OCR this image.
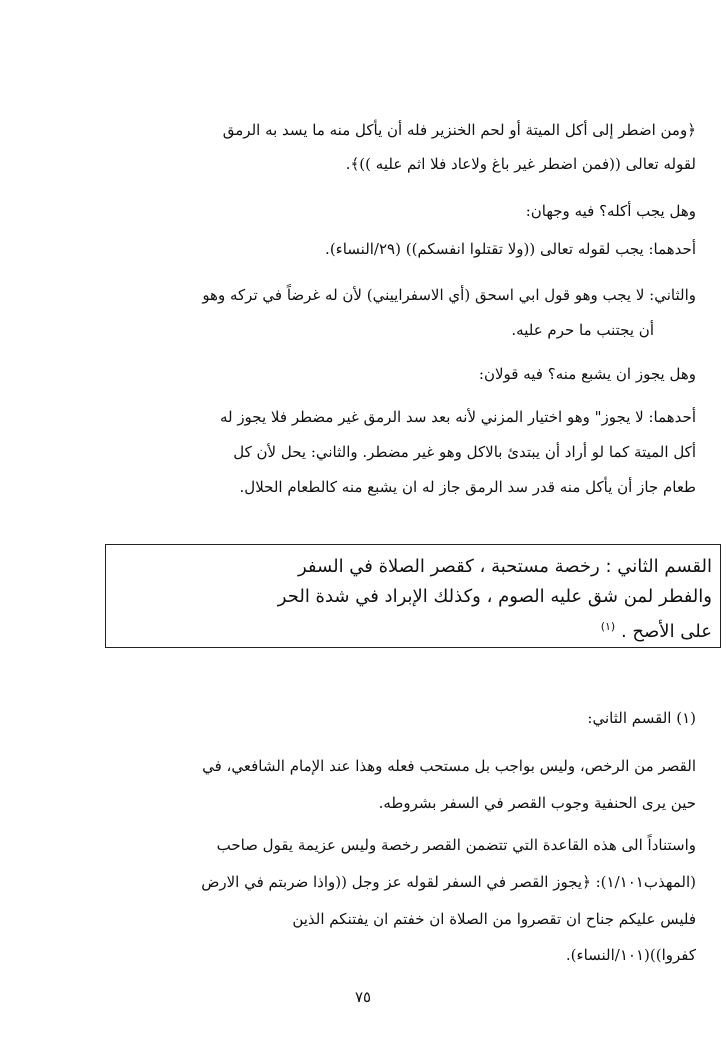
﴿ومن اضطر إلى أكل الميتة أو لحم الخنزير فله أن يأكل منه ما يسد به الرمق
لقوله تعالى ((فمن اضطر غير باغ ولاعاد فلا اثم عليه ))﴾.
وهل يجب أكله؟ فيه وجهان:
أحدهما: يجب لقوله تعالى ((ولا تقتلوا انفسكم)) (٢٩/النساء).
والثاني: لا يجب وهو قول ابي اسحق (أي الاسفراييني) لأن له غرضاً في تركه وهو
أن يجتنب ما حرم عليه.
وهل يجوز ان يشبع منه؟ فيه قولان:
أحدهما: لا يجوز" وهو اختيار المزني لأنه بعد سد الرمق غير مضطر فلا يجوز له
أكل الميتة كما لو أراد أن يبتدئ بالاكل وهو غير مضطر. والثاني: يحل لأن كل
طعام جاز أن يأكل منه قدر سد الرمق جاز له ان يشبع منه كالطعام الحلال.
القسم الثاني : رخصة مستحبة ، كقصر الصلاة في السفر
والفطر لمن شق عليه الصوم ، وكذلك الإبراد في شدة الحر
على الأصح . $^{(١)}$
(١) القسم الثاني:
القصر من الرخص، وليس بواجب بل مستحب فعله وهذا عند الإمام الشافعي، في
حين يرى الحنفية وجوب القصر في السفر بشروطه.
واستناداً الى هذه القاعدة التي تتضمن القصر رخصة وليس عزيمة يقول صاحب
(المهذب١/١٠١): ﴿يجوز القصر في السفر لقوله عز وجل ((واذا ضربتم في الارض
فليس عليكم جناح ان تقصروا من الصلاة ان خفتم ان يفتنكم الذين
كفروا))(١٠١/النساء).
٧٥
